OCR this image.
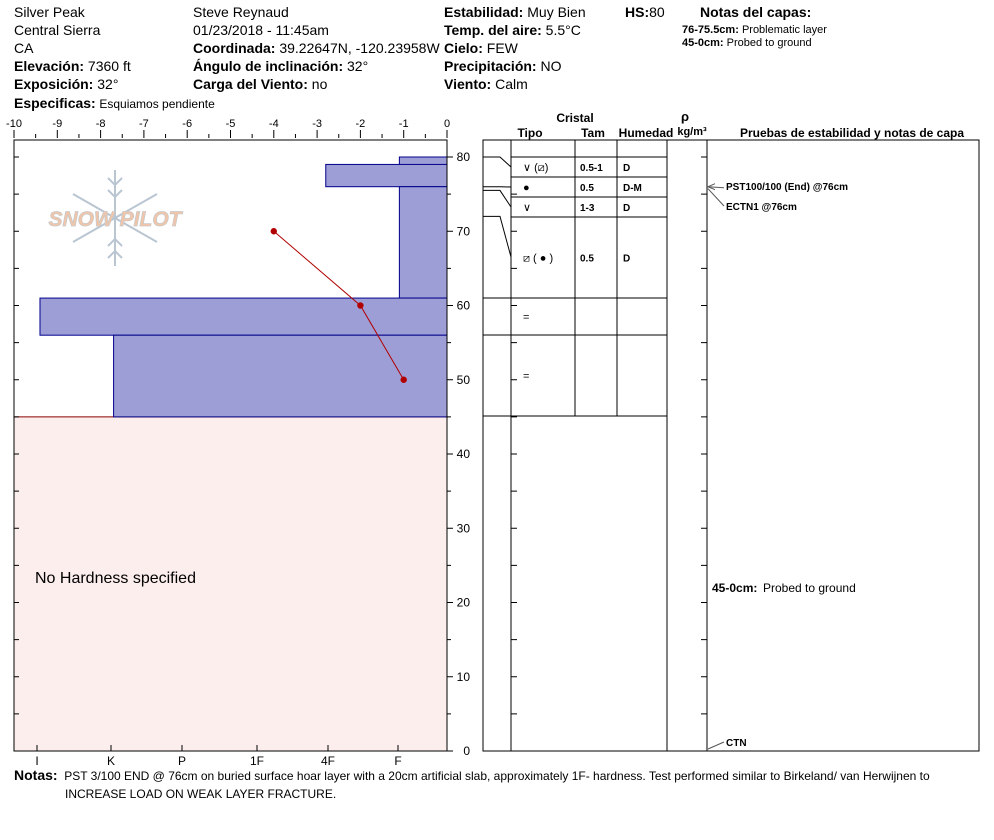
Silver Peak
Central Sierra
CA
Elevación: 7360 ft
Exposición: 32°
Especificas: Esquiamos pendiente
Steve Reynaud
01/23/2018 - 11:45am
Coordinada: 39.22647N, -120.23958W
Ángulo de inclinación: 32°
Carga del Viento: no
Estabilidad: Muy Bien	HS:80
Temp. del aire: 5.5°C
Cielo: FEW
Precipitación: NO
Viento: Calm
Notas del capas:
76-75.5cm: Problematic layer
45-0cm: Probed to ground
-10	-9	-8	-7	-6	-5	-4	-3	-2	-1	0
0
10
20
30
40
50
60
70
80
I	K	P	1F	4F	F
SNOW PILOT
No Hardness specified
Cristal
Tipo	Tam Humedad
ρ
kg/m³	Pruebas de estabilidad y notas de capa
∨ (⧄)	0.5-1 D
●	0.5	D-M
∨	1-3	D
⧄ ( ● )	0.5	D
=
=
PST100/100 (End) @76cm
ECTN1 @76cm
CTN
45-0cm: Probed to ground
Notas: PST 3/100 END @ 76cm on buried surface hoar layer with a 20cm artificial slab, approximately 1F- hardness. Test performed similar to Birkeland/ van Herwijnen to
INCREASE LOAD ON WEAK LAYER FRACTURE.
